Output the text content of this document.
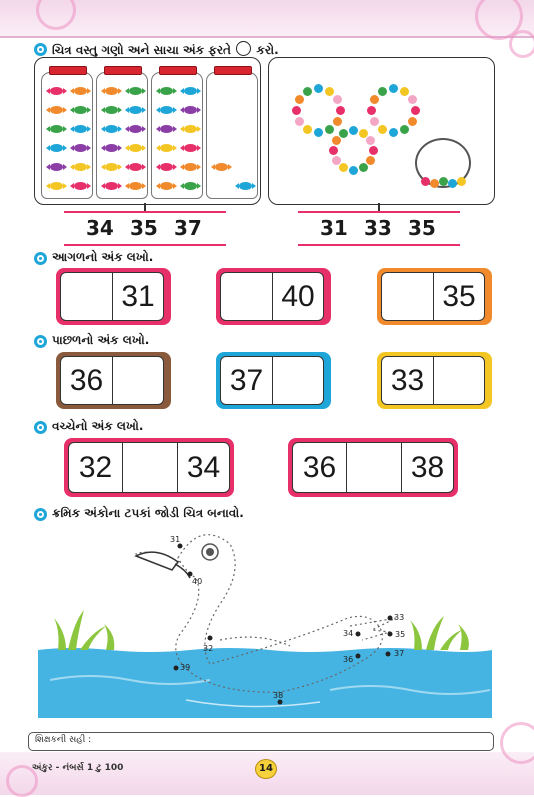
ચિત્ર વસ્તુ ગણો અને સાચા અંક ફરતે કરો.
34 35 37	31 33 35
આગળનો અંક લખો.
31	40	35
પાછળનો અંક લખો.
36	37	33
વચ્ચેનો અંક લખો.
32	34	36	38
ક્રમિક અંકોના ટપકાં જોડી ચિત્ર બનાવો.
31
32
33
34	35
36
37
38
39
40
શિક્ષકની સહી :
અંકુર - નંબર્સ 1 ટુ 100	14
